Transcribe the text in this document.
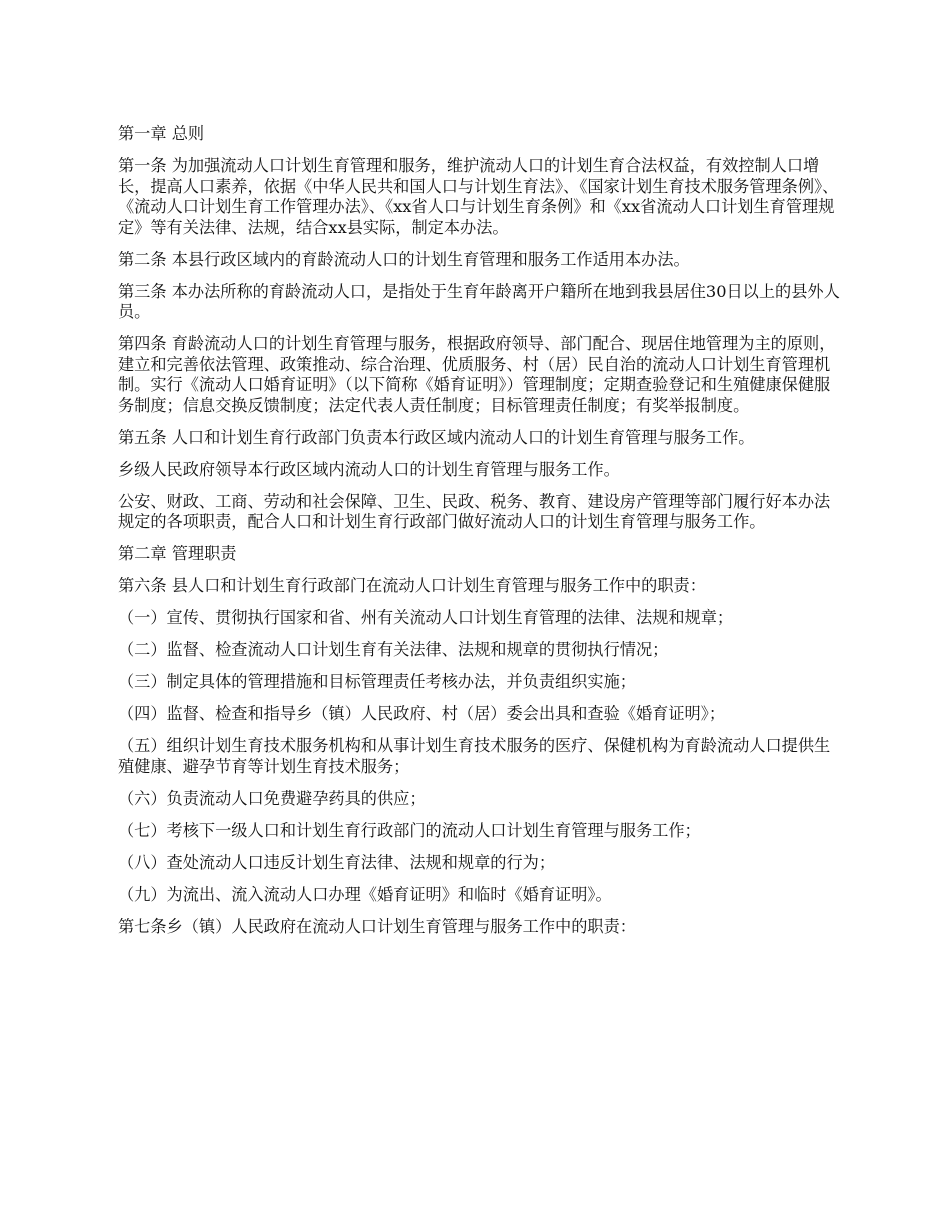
第一章 总则

第一条 为加强流动人口计划生育管理和服务，维护流动人口的计划生育合法权益，有效控制人口增长，提高人口素养，依据《中华人民共和国人口与计划生育法》、《国家计划生育技术服务管理条例》、《流动人口计划生育工作管理办法》、《xx省人口与计划生育条例》和《xx省流动人口计划生育管理规定》等有关法律、法规，结合xx县实际，制定本办法。

第二条 本县行政区域内的育龄流动人口的计划生育管理和服务工作适用本办法。

第三条 本办法所称的育龄流动人口，是指处于生育年龄离开户籍所在地到我县居住30日以上的县外人员。

第四条 育龄流动人口的计划生育管理与服务，根据政府领导、部门配合、现居住地管理为主的原则，建立和完善依法管理、政策推动、综合治理、优质服务、村（居）民自治的流动人口计划生育管理机制。实行《流动人口婚育证明》（以下简称《婚育证明》）管理制度；定期查验登记和生殖健康保健服务制度；信息交换反馈制度；法定代表人责任制度；目标管理责任制度；有奖举报制度。

第五条 人口和计划生育行政部门负责本行政区域内流动人口的计划生育管理与服务工作。

乡级人民政府领导本行政区域内流动人口的计划生育管理与服务工作。

公安、财政、工商、劳动和社会保障、卫生、民政、税务、教育、建设房产管理等部门履行好本办法规定的各项职责，配合人口和计划生育行政部门做好流动人口的计划生育管理与服务工作。

第二章 管理职责

第六条 县人口和计划生育行政部门在流动人口计划生育管理与服务工作中的职责：

（一）宣传、贯彻执行国家和省、州有关流动人口计划生育管理的法律、法规和规章；

（二）监督、检查流动人口计划生育有关法律、法规和规章的贯彻执行情况；

（三）制定具体的管理措施和目标管理责任考核办法，并负责组织实施；

（四）监督、检查和指导乡（镇）人民政府、村（居）委会出具和查验《婚育证明》；

（五）组织计划生育技术服务机构和从事计划生育技术服务的医疗、保健机构为育龄流动人口提供生殖健康、避孕节育等计划生育技术服务；

（六）负责流动人口免费避孕药具的供应；

（七）考核下一级人口和计划生育行政部门的流动人口计划生育管理与服务工作；

（八）查处流动人口违反计划生育法律、法规和规章的行为；

（九）为流出、流入流动人口办理《婚育证明》和临时《婚育证明》。

第七条乡（镇）人民政府在流动人口计划生育管理与服务工作中的职责：
